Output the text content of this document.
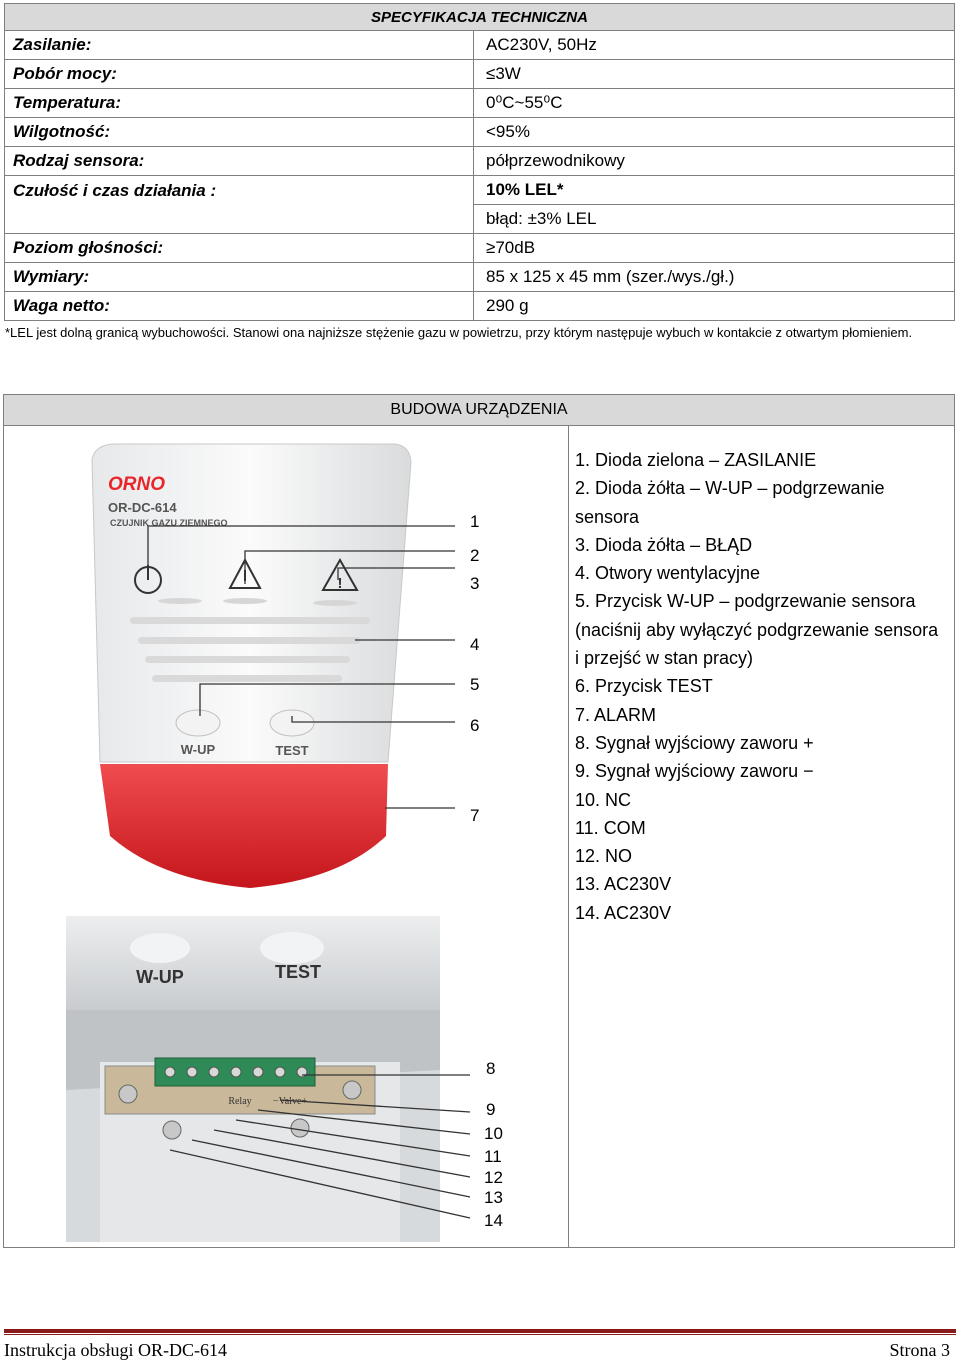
SPECYFIKACJA TECHNICZNA	
Zasilanie:	AC230V, 50Hz
Pobór mocy:	≤3W
Temperatura:	0⁰C~55⁰C
Wilgotność:	<95%
Rodzaj sensora:	półprzewodnikowy
Czułość i czas działania :	10% LEL*
	błąd: ±3% LEL
Poziom głośności:	≥70dB
Wymiary:	85 x 125 x 45 mm (szer./wys./gł.)
Waga netto:	290 g
*LEL jest dolną granicą wybuchowości. Stanowi ona najniższe stężenie gazu w powietrzu, przy którym następuje wybuch w kontakcie z otwartym płomieniem.
BUDOWA URZĄDZENIA
1. Dioda zielona – ZASILANIE
2. Dioda żółta – W-UP – podgrzewanie sensora
3. Dioda żółta – BŁĄD
4. Otwory wentylacyjne
5. Przycisk W-UP – podgrzewanie sensora (naciśnij aby wyłączyć podgrzewanie sensora i przejść w stan pracy)
6. Przycisk TEST
7. ALARM
8. Sygnał wyjściowy zaworu +
9. Sygnał wyjściowy zaworu −
10. NC
11. COM
12. NO
13. AC230V
14. AC230V
ORNO
OR-DC-614
CZUJNIK GAZU ZIEMNEGO
!
W-UP	TEST
1
2
3
4
5
6
7
W-UP	TEST
Relay −Valve+
8
9
10
11
12
13
14
Instrukcja obsługi OR-DC-614	Strona 3
